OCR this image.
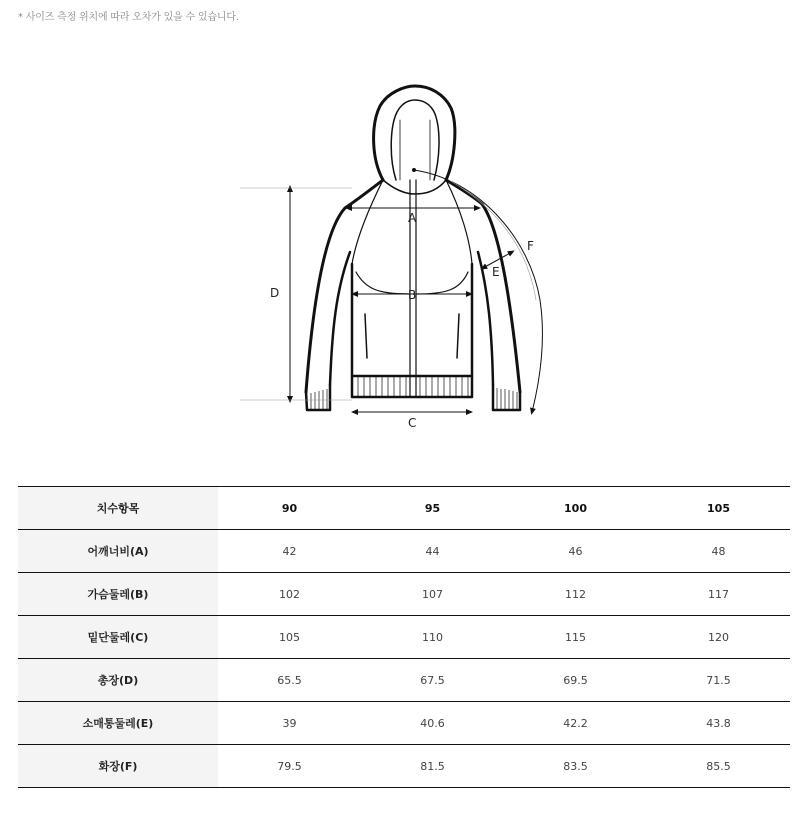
* 사이즈 측정 위치에 따라 오차가 있을 수 있습니다.
A
B
C
D
E
F
치수항목	90	95	100	105
어깨너비(A)	42	44	46	48
가슴둘레(B)	102	107	112	117
밑단둘레(C)	105	110	115	120
총장(D)	65.5	67.5	69.5	71.5
소매통둘레(E)	39	40.6	42.2	43.8
화장(F)	79.5	81.5	83.5	85.5
